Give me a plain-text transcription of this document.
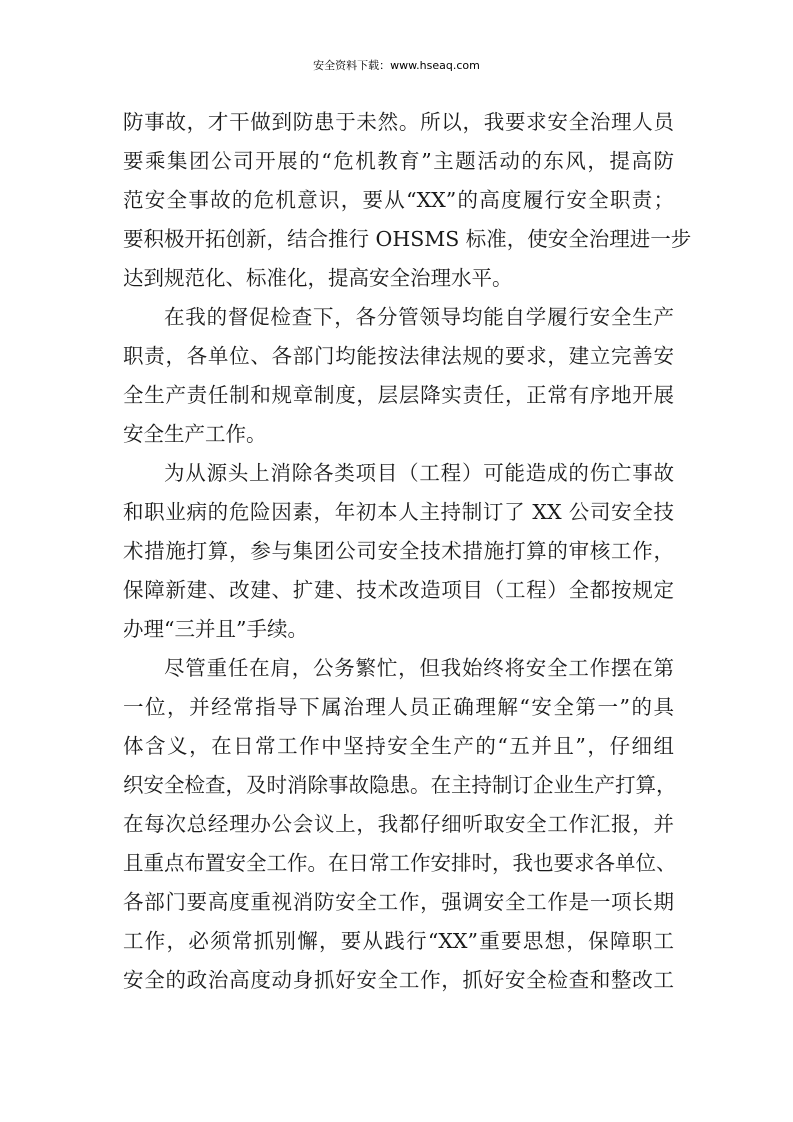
安全资料下载：www.hseaq.com
防事故，才干做到防患于未然。所以，我要求安全治理人员
要乘集团公司开展的“危机教育”主题活动的东风，提高防
范安全事故的危机意识，要从“XX”的高度履行安全职责；
要积极开拓创新，结合推行 OHSMS 标准，使安全治理进一步
达到规范化、标准化，提高安全治理水平。
在我的督促检查下，各分管领导均能自学履行安全生产
职责，各单位、各部门均能按法律法规的要求，建立完善安
全生产责任制和规章制度，层层降实责任，正常有序地开展
安全生产工作。
为从源头上消除各类项目（工程）可能造成的伤亡事故
和职业病的危险因素，年初本人主持制订了 XX 公司安全技
术措施打算，参与集团公司安全技术措施打算的审核工作，
保障新建、改建、扩建、技术改造项目（工程）全都按规定
办理“三并且”手续。
尽管重任在肩，公务繁忙，但我始终将安全工作摆在第
一位，并经常指导下属治理人员正确理解“安全第一”的具
体含义，在日常工作中坚持安全生产的“五并且”，仔细组
织安全检查，及时消除事故隐患。在主持制订企业生产打算，
在每次总经理办公会议上，我都仔细听取安全工作汇报，并
且重点布置安全工作。在日常工作安排时，我也要求各单位、
各部门要高度重视消防安全工作，强调安全工作是一项长期
工作，必须常抓别懈，要从践行“XX”重要思想，保障职工
安全的政治高度动身抓好安全工作，抓好安全检查和整改工
